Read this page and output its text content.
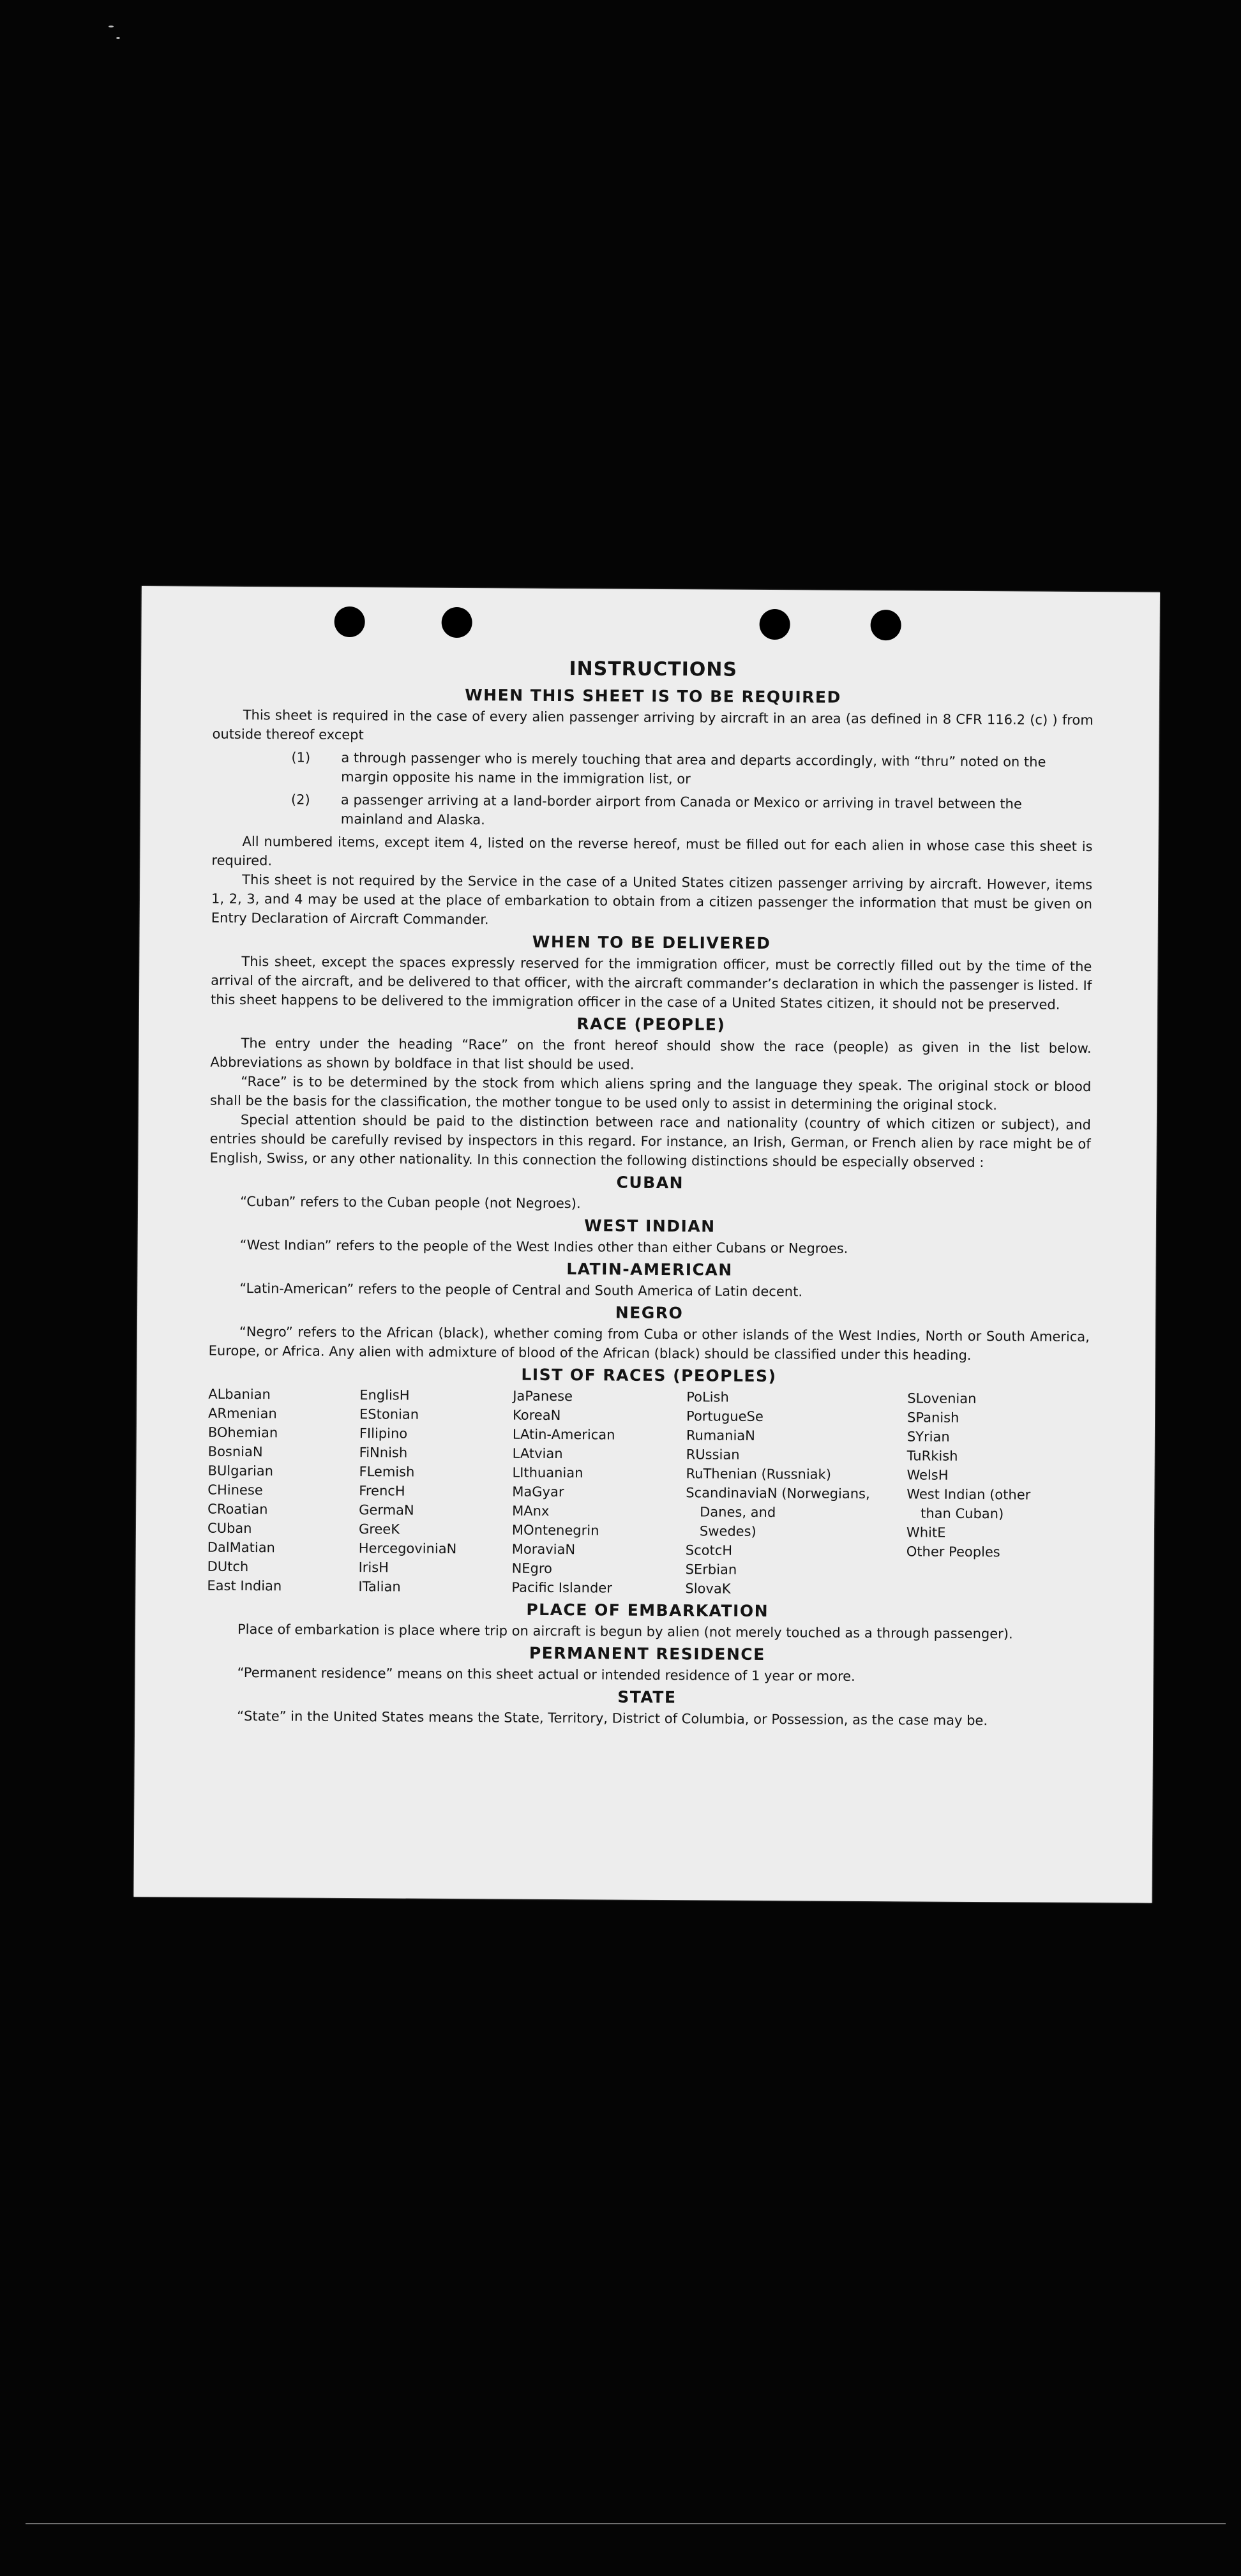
INSTRUCTIONS
WHEN THIS SHEET IS TO BE REQUIRED

This sheet is required in the case of every alien passenger arriving by aircraft in an area (as defined in 8 CFR 116.2 (c) ) from outside thereof except

(1)	a through passenger who is merely touching that area and departs accordingly, with “thru” noted on the margin opposite his name in the immigration list, or
(2)	a passenger arriving at a land-border airport from Canada or Mexico or arriving in travel between the mainland and Alaska.

All numbered items, except item 4, listed on the reverse hereof, must be filled out for each alien in whose case this sheet is required.

This sheet is not required by the Service in the case of a United States citizen passenger arriving by aircraft. However, items 1, 2, 3, and 4 may be used at the place of embarkation to obtain from a citizen passenger the information that must be given on Entry Declaration of Aircraft Commander.

WHEN TO BE DELIVERED

This sheet, except the spaces expressly reserved for the immigration officer, must be correctly filled out by the time of the arrival of the aircraft, and be delivered to that officer, with the aircraft commander’s declaration in which the passenger is listed. If this sheet happens to be delivered to the immigration officer in the case of a United States citizen, it should not be preserved.

RACE (PEOPLE)

The entry under the heading “Race” on the front hereof should show the race (people) as given in the list below. Abbreviations as shown by boldface in that list should be used.

“Race” is to be determined by the stock from which aliens spring and the language they speak. The original stock or blood shall be the basis for the classification, the mother tongue to be used only to assist in determining the original stock.

Special attention should be paid to the distinction between race and nationality (country of which citizen or subject), and entries should be carefully revised by inspectors in this regard. For instance, an Irish, German, or French alien by race might be of English, Swiss, or any other nationality. In this connection the following distinctions should be especially observed :

CUBAN

“Cuban” refers to the Cuban people (not Negroes).

WEST INDIAN

“West Indian” refers to the people of the West Indies other than either Cubans or Negroes.

LATIN-AMERICAN

“Latin-American” refers to the people of Central and South America of Latin decent.

NEGRO

“Negro” refers to the African (black), whether coming from Cuba or other islands of the West Indies, North or South America, Europe, or Africa. Any alien with admixture of blood of the African (black) should be classified under this heading.

LIST OF RACES (PEOPLES)
ALbanian
ARmenian
BOhemian
BosniaN
BUlgarian
CHinese
CRoatian
CUban
DalMatian
DUtch
East Indian
EnglisH
EStonian
FIlipino
FiNnish
FLemish
FrencH
GermaN
GreeK
HercegovinіaN
IrisH
ITalian
JaPanese
KoreaN
LAtin-American
LAtvian
LIthuanian
MaGyar
MAnx
MOntenegrin
MoraviaN
NEgro
Pacific Islander
PoLish
PortugueSe
RumaniaN
RUssian
RuThenian (Russniak)
ScandinaviaN (Norwegians,
Danes, and
Swedes)
ScotcH
SErbian
SlovaK
SLovenian
SPanish
SYrian
TuRkish
WelsH
West Indian (other
than Cuban)
WhitE
Other Peoples
PLACE OF EMBARKATION

Place of embarkation is place where trip on aircraft is begun by alien (not merely touched as a through passenger).

PERMANENT RESIDENCE

“Permanent residence” means on this sheet actual or intended residence of 1 year or more.

STATE

“State” in the United States means the State, Territory, District of Columbia, or Possession, as the case may be.
